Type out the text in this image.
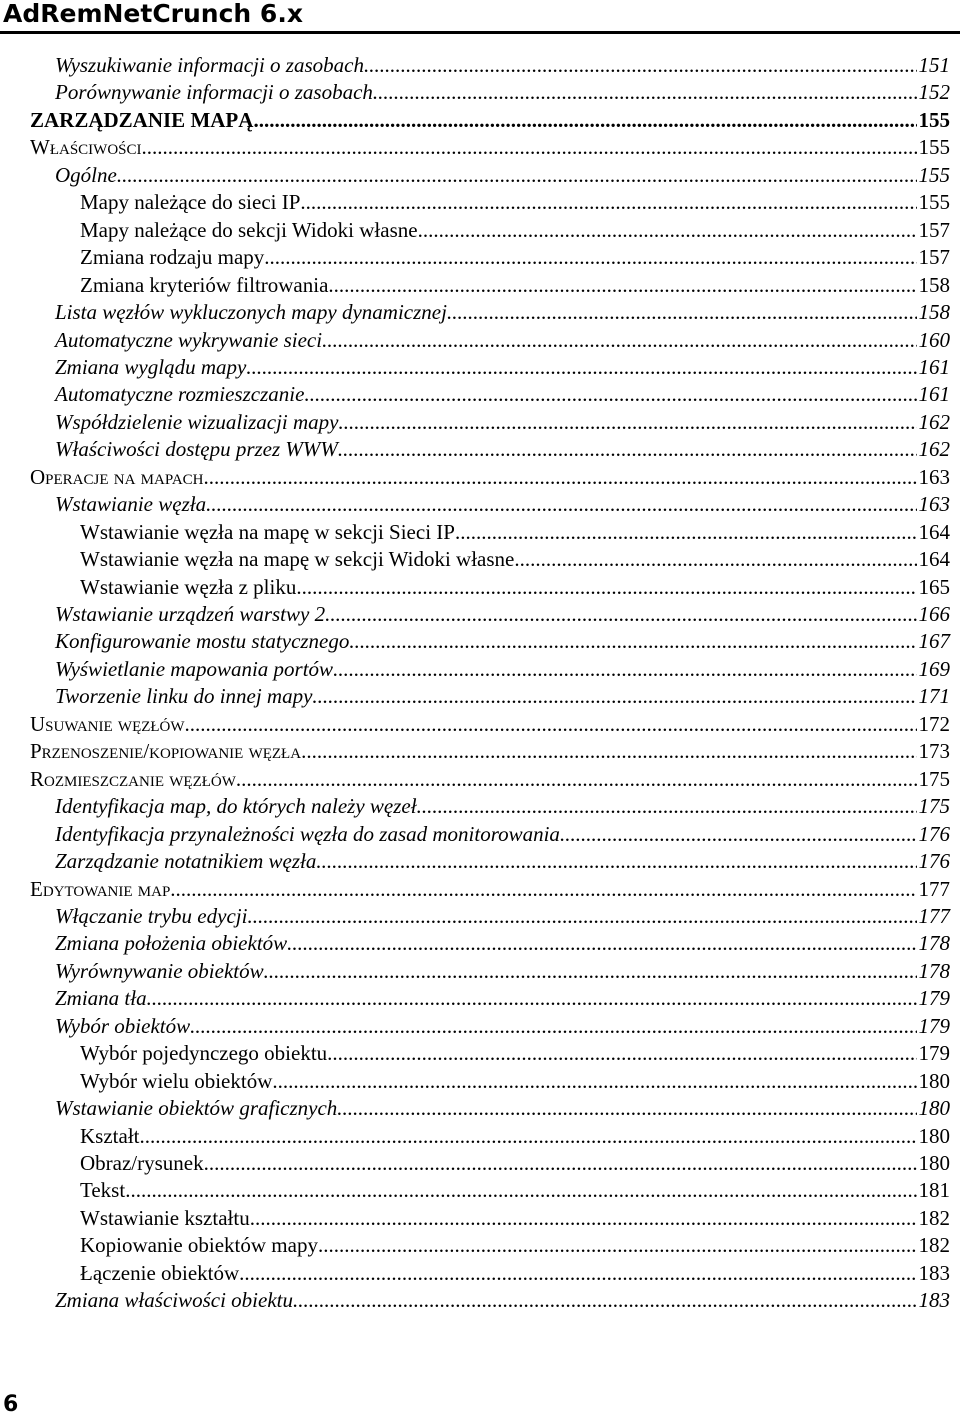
AdRemNetCrunch 6.x
Wyszukiwanie informacji o zasobach .....	151
Porównywanie informacji o zasobach .....	152
ZARZĄDZANIE MAPĄ .....	155
Właściwości .....	155
Ogólne .....	155
Mapy należące do sieci IP .....	155
Mapy należące do sekcji Widoki własne .....	157
Zmiana rodzaju mapy .....	157
Zmiana kryteriów filtrowania .....	158
Lista węzłów wykluczonych mapy dynamicznej .....	158
Automatyczne wykrywanie sieci .....	160
Zmiana wyglądu mapy .....	161
Automatyczne rozmieszczanie .....	161
Współdzielenie wizualizacji mapy .....	162
Właściwości dostępu przez WWW .....	162
Operacje na mapach .....	163
Wstawianie węzła .....	163
Wstawianie węzła na mapę w sekcji Sieci IP .....	164
Wstawianie węzła na mapę w sekcji Widoki własne .....	164
Wstawianie węzła z pliku .....	165
Wstawianie urządzeń warstwy 2 .....	166
Konfigurowanie mostu statycznego .....	167
Wyświetlanie mapowania portów .....	169
Tworzenie linku do innej mapy .....	171
Usuwanie węzłów .....	172
Przenoszenie/kopiowanie węzła .....	173
Rozmieszczanie węzłów .....	175
Identyfikacja map, do których należy węzeł .....	175
Identyfikacja przynależności węzła do zasad monitorowania .....	176
Zarządzanie notatnikiem węzła .....	176
Edytowanie map .....	177
Włączanie trybu edycji .....	177
Zmiana położenia obiektów .....	178
Wyrównywanie obiektów .....	178
Zmiana tła .....	179
Wybór obiektów .....	179
Wybór pojedynczego obiektu .....	179
Wybór wielu obiektów .....	180
Wstawianie obiektów graficznych .....	180
Kształt .....	180
Obraz/rysunek .....	180
Tekst .....	181
Wstawianie kształtu .....	182
Kopiowanie obiektów mapy .....	182
Łączenie obiektów .....	183
Zmiana właściwości obiektu .....	183
6
